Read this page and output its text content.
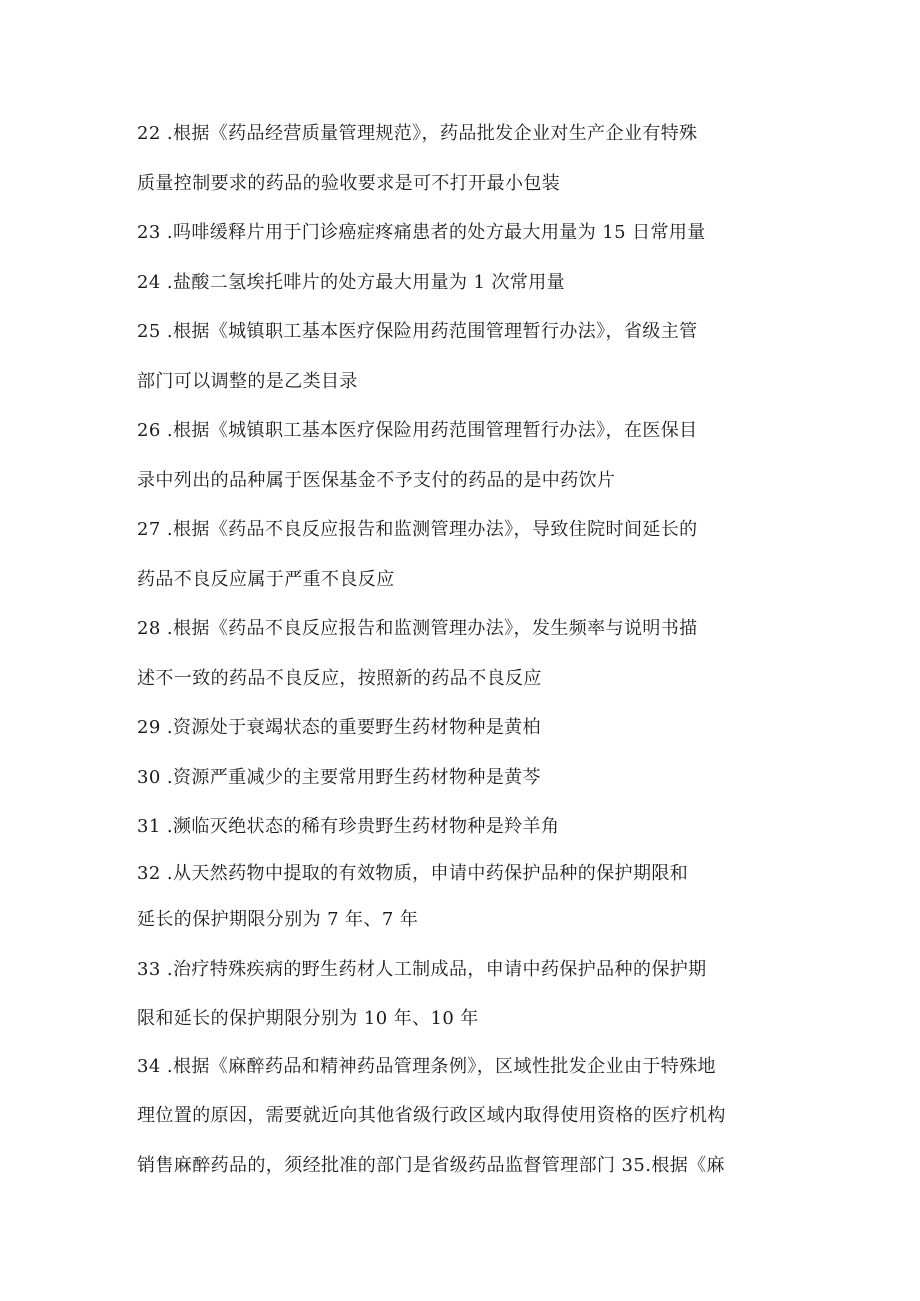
22 .根据《药品经营质量管理规范》，药品批发企业对生产企业有特殊
质量控制要求的药品的验收要求是可不打开最小包装
23 .吗啡缓释片用于门诊癌症疼痛患者的处方最大用量为 15 日常用量
24 .盐酸二氢埃托啡片的处方最大用量为 1 次常用量
25 .根据《城镇职工基本医疗保险用药范围管理暂行办法》，省级主管
部门可以调整的是乙类目录
26 .根据《城镇职工基本医疗保险用药范围管理暂行办法》，在医保目
录中列出的品种属于医保基金不予支付的药品的是中药饮片
27 .根据《药品不良反应报告和监测管理办法》，导致住院时间延长的
药品不良反应属于严重不良反应
28 .根据《药品不良反应报告和监测管理办法》，发生频率与说明书描
述不一致的药品不良反应，按照新的药品不良反应
29 .资源处于衰竭状态的重要野生药材物种是黄柏
30 .资源严重减少的主要常用野生药材物种是黄芩
31 .濒临灭绝状态的稀有珍贵野生药材物种是羚羊角
32 .从天然药物中提取的有效物质，申请中药保护品种的保护期限和
延长的保护期限分别为 7 年、7 年
33 .治疗特殊疾病的野生药材人工制成品，申请中药保护品种的保护期
限和延长的保护期限分别为 10 年、10 年
34 .根据《麻醉药品和精神药品管理条例》，区域性批发企业由于特殊地
理位置的原因，需要就近向其他省级行政区域内取得使用资格的医疗机构
销售麻醉药品的，须经批准的部门是省级药品监督管理部门 35.根据《麻
